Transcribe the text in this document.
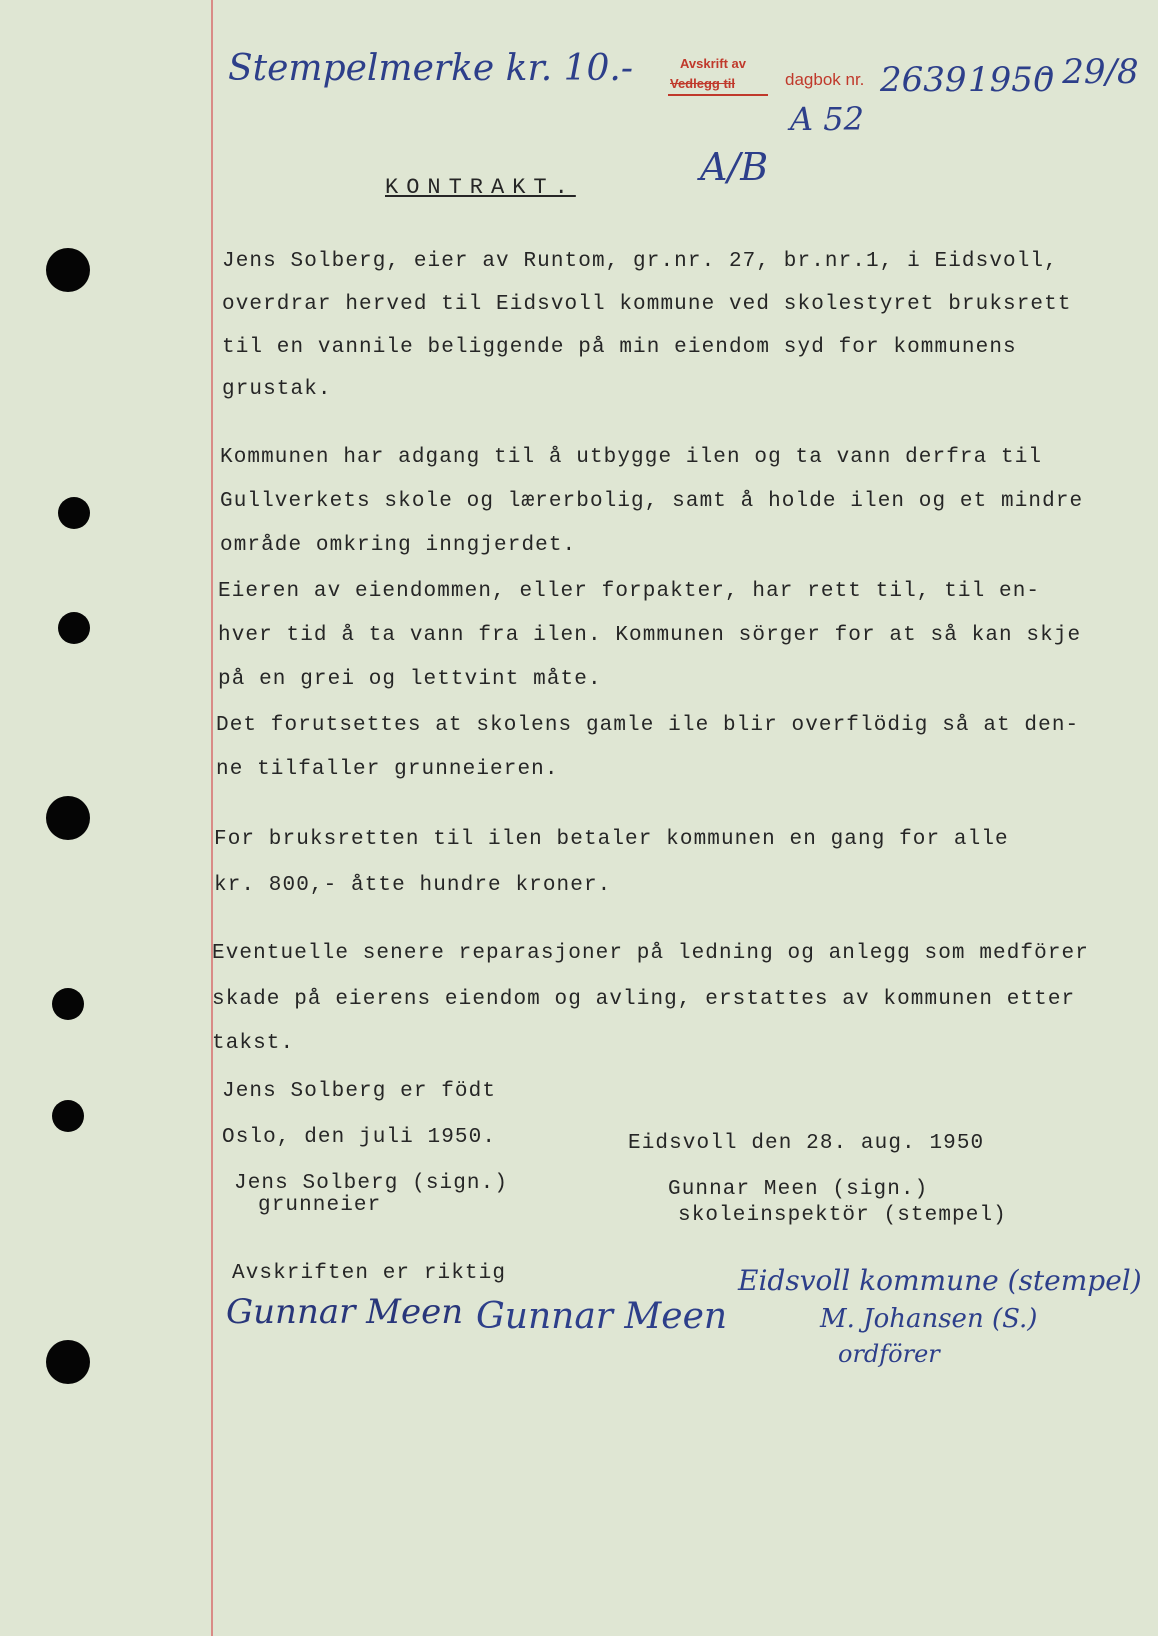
Stempelmerke kr. 10.-	Avskrift av
Vedlegg til	dagbok nr. 2639 1950
- 29/8
A 52
A/B
KONTRAKT.
Jens Solberg, eier av Runtom, gr.nr. 27, br.nr.1, i Eidsvoll,
overdrar herved til Eidsvoll kommune ved skolestyret bruksrett
til en vannile beliggende på min eiendom syd for kommunens
grustak.
Kommunen har adgang til å utbygge ilen og ta vann derfra til
Gullverkets skole og lærerbolig, samt å holde ilen og et mindre
område omkring inngjerdet.
Eieren av eiendommen, eller forpakter, har rett til, til en-
hver tid å ta vann fra ilen. Kommunen sörger for at så kan skje
på en grei og lettvint måte.
Det forutsettes at skolens gamle ile blir overflödig så at den-
ne tilfaller grunneieren.
For bruksretten til ilen betaler kommunen en gang for alle
kr. 800,- åtte hundre kroner.
Eventuelle senere reparasjoner på ledning og anlegg som medförer
skade på eierens eiendom og avling, erstattes av kommunen etter
takst.
Jens Solberg er födt
Oslo, den juli 1950.	Eidsvoll den 28. aug. 1950
Jens Solberg (sign.)
grunneier
Gunnar Meen (sign.)
skoleinspektör (stempel)
Avskriften er riktig
Gunnar Meen Gunnar Meen
Eidsvoll kommune (stempel)
M. Johansen (S.)
ordförer
